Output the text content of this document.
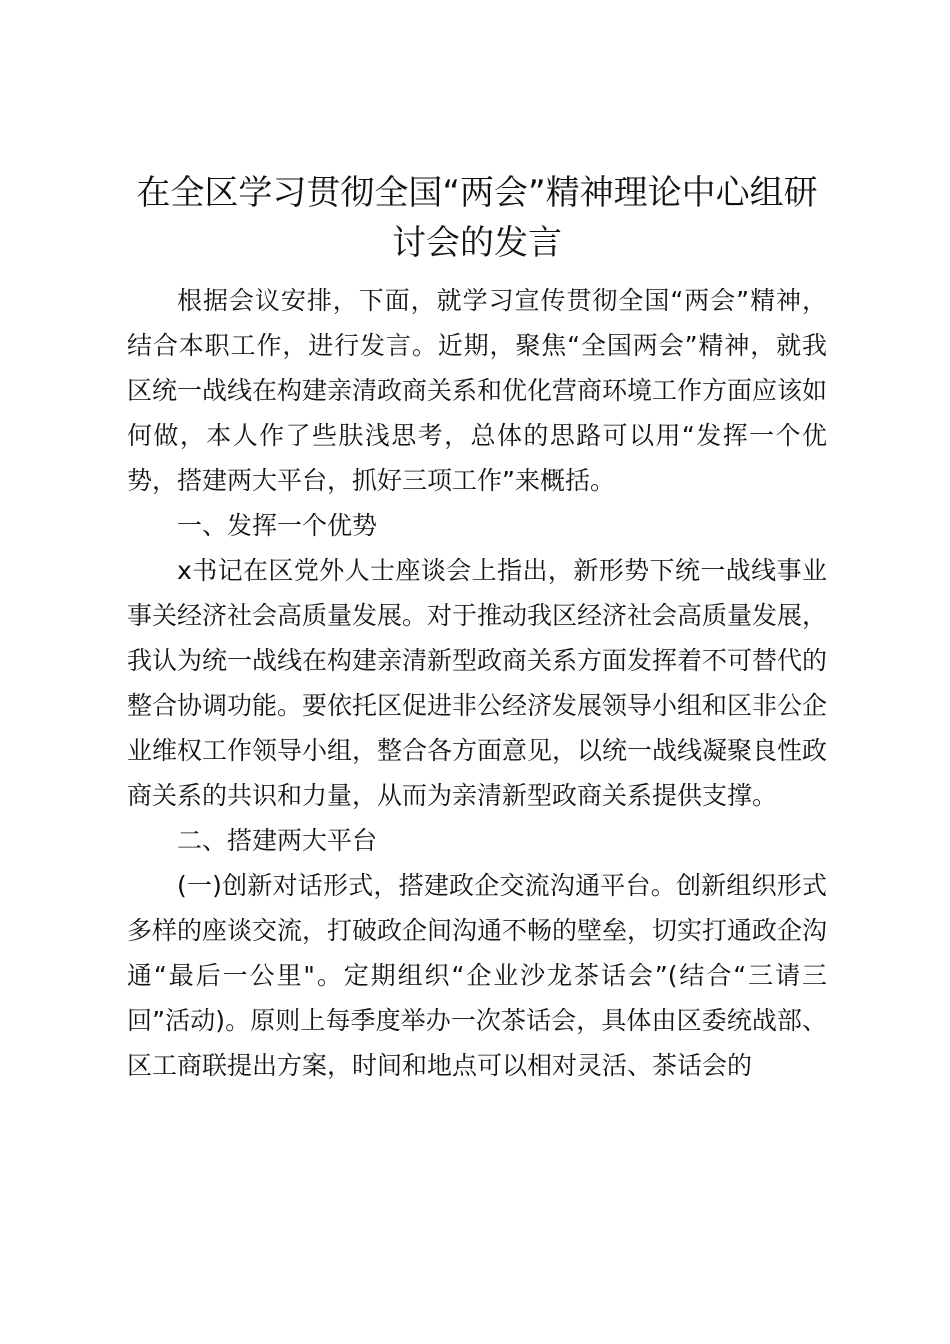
在全区学习贯彻全国“两会”精神理论中心组研讨会的发言

根据会议安排，下面，就学习宣传贯彻全国“两会”精神，结合本职工作，进行发言。近期，聚焦“全国两会”精神，就我区统一战线在构建亲清政商关系和优化营商环境工作方面应该如何做，本人作了些肤浅思考，总体的思路可以用“发挥一个优势，搭建两大平台，抓好三项工作”来概括。

一、发挥一个优势

x书记在区党外人士座谈会上指出，新形势下统一战线事业事关经济社会高质量发展。对于推动我区经济社会高质量发展，我认为统一战线在构建亲清新型政商关系方面发挥着不可替代的整合协调功能。要依托区促进非公经济发展领导小组和区非公企业维权工作领导小组，整合各方面意见，以统一战线凝聚良性政商关系的共识和力量，从而为亲清新型政商关系提供支撑。

二、搭建两大平台

(一)创新对话形式，搭建政企交流沟通平台。创新组织形式多样的座谈交流，打破政企间沟通不畅的壁垒，切实打通政企沟通“最后一公里"。定期组织“企业沙龙茶话会”(结合“三请三回”活动)。原则上每季度举办一次茶话会，具体由区委统战部、区工商联提出方案，时间和地点可以相对灵活、茶话会的
